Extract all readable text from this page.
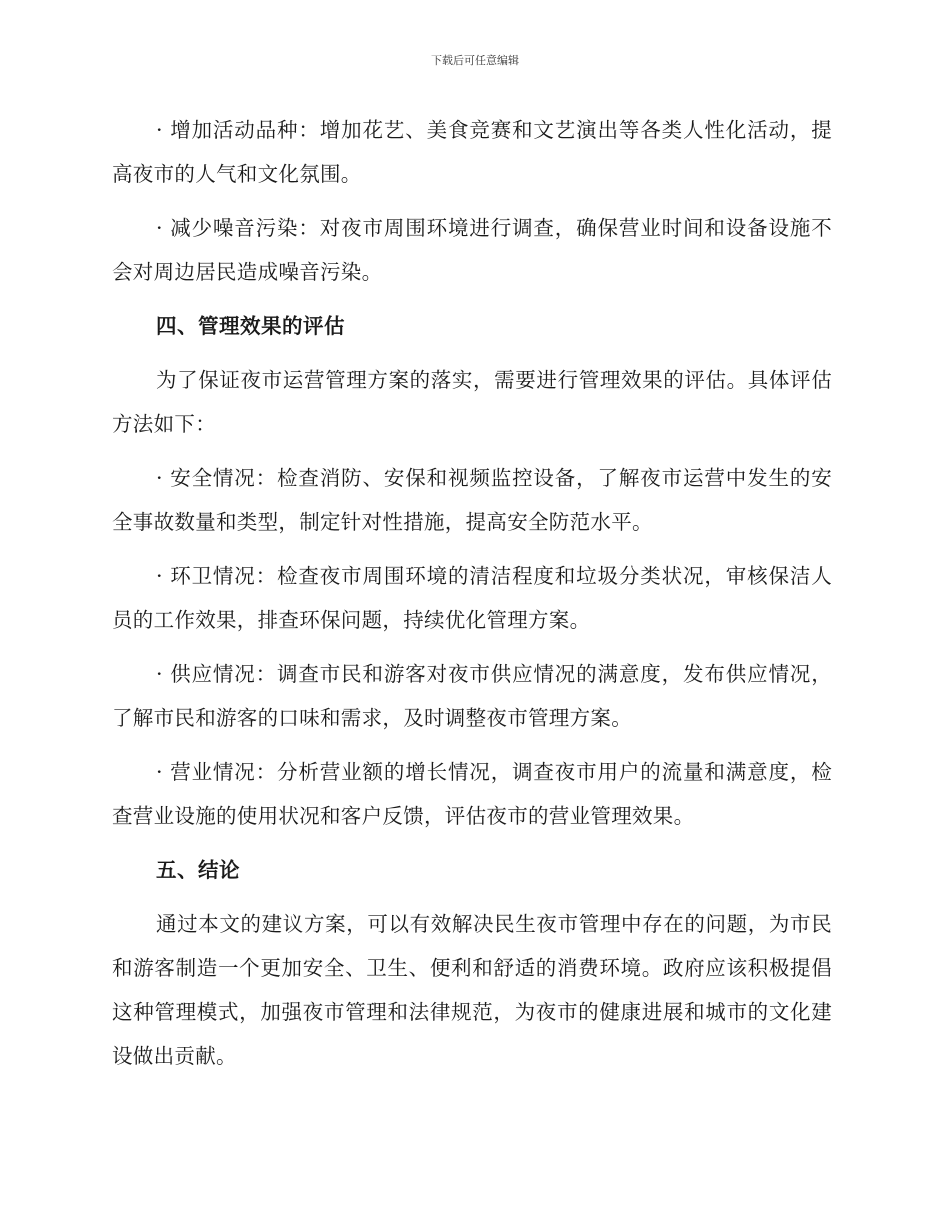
下载后可任意编辑

· 增加活动品种：增加花艺、美食竞赛和文艺演出等各类人性化活动，提高夜市的人气和文化氛围。

· 减少噪音污染：对夜市周围环境进行调查，确保营业时间和设备设施不会对周边居民造成噪音污染。

四、管理效果的评估

为了保证夜市运营管理方案的落实，需要进行管理效果的评估。具体评估方法如下：

· 安全情况：检查消防、安保和视频监控设备，了解夜市运营中发生的安全事故数量和类型，制定针对性措施，提高安全防范水平。

· 环卫情况：检查夜市周围环境的清洁程度和垃圾分类状况，审核保洁人员的工作效果，排查环保问题，持续优化管理方案。

· 供应情况：调查市民和游客对夜市供应情况的满意度，发布供应情况，了解市民和游客的口味和需求，及时调整夜市管理方案。

· 营业情况：分析营业额的增长情况，调查夜市用户的流量和满意度，检查营业设施的使用状况和客户反馈，评估夜市的营业管理效果。

五、结论

通过本文的建议方案，可以有效解决民生夜市管理中存在的问题，为市民和游客制造一个更加安全、卫生、便利和舒适的消费环境。政府应该积极提倡这种管理模式，加强夜市管理和法律规范，为夜市的健康进展和城市的文化建设做出贡献。
